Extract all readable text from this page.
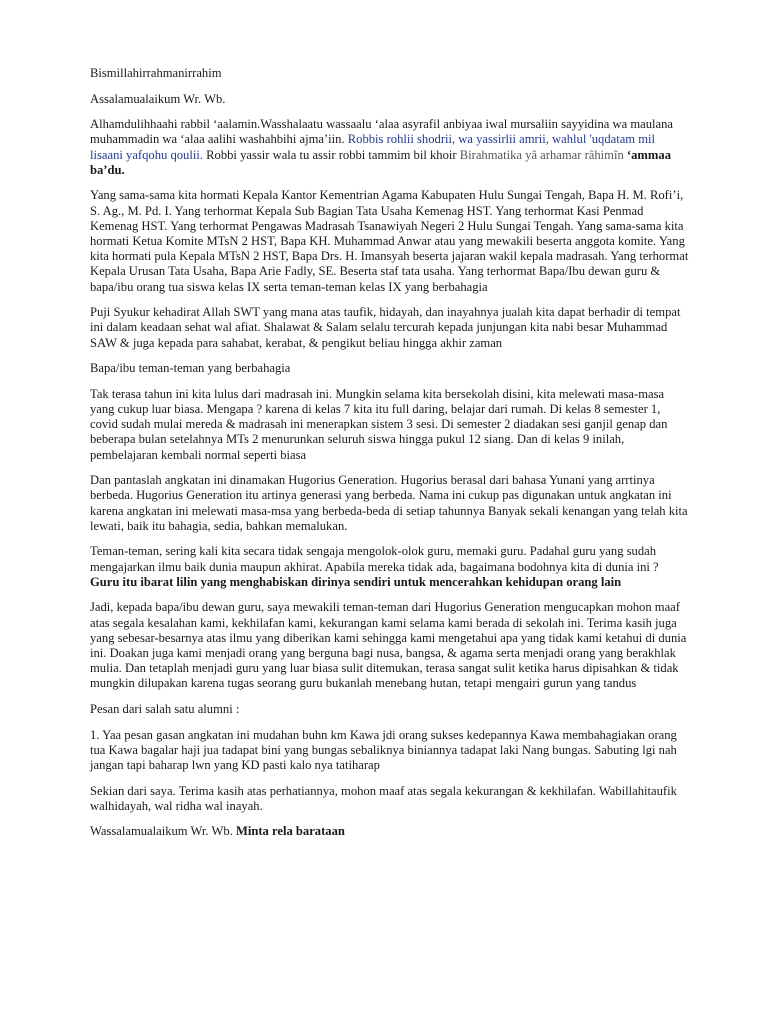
Bismillahirrahmanirrahim

Assalamualaikum Wr. Wb.

Alhamdulihhaahi rabbil ‘aalamin.Wasshalaatu wassaalu ‘alaa asyrafil anbiyaa iwal mursaliin sayyidina wa maulana muhammadin wa ‘alaa aalihi washahbihi ajma’iin. Robbis rohlii shodrii, wa yassirlii amrii, wahlul 'uqdatam mil lisaani yafqohu qoulii. Robbi yassir wala tu assir robbi tammim bil khoir Birahmatika yâ arhamar râhimîn ‘ammaa ba’du.

Yang sama-sama kita hormati Kepala Kantor Kementrian Agama Kabupaten Hulu Sungai Tengah, Bapa H. M. Rofi’i, S. Ag., M. Pd. I. Yang terhormat Kepala Sub Bagian Tata Usaha Kemenag HST. Yang terhormat Kasi Penmad Kemenag HST. Yang terhormat Pengawas Madrasah Tsanawiyah Negeri 2 Hulu Sungai Tengah. Yang sama-sama kita hormati Ketua Komite MTsN 2 HST, Bapa KH. Muhammad Anwar atau yang mewakili beserta anggota komite. Yang kita hormati pula Kepala MTsN 2 HST, Bapa Drs. H. Imansyah beserta jajaran wakil kepala madrasah. Yang terhormat Kepala Urusan Tata Usaha, Bapa Arie Fadly, SE. Beserta staf tata usaha. Yang terhormat Bapa/Ibu dewan guru & bapa/ibu orang tua siswa kelas IX serta teman-teman kelas IX yang berbahagia

Puji Syukur kehadirat Allah SWT yang mana atas taufik, hidayah, dan inayahnya jualah kita dapat berhadir di tempat ini dalam keadaan sehat wal afiat. Shalawat & Salam selalu tercurah kepada junjungan kita nabi besar Muhammad SAW & juga kepada para sahabat, kerabat, & pengikut beliau hingga akhir zaman

Bapa/ibu teman-teman yang berbahagia

Tak terasa tahun ini kita lulus dari madrasah ini. Mungkin selama kita bersekolah disini, kita melewati masa-masa yang cukup luar biasa. Mengapa ? karena di kelas 7 kita itu full daring, belajar dari rumah. Di kelas 8 semester 1, covid sudah mulai mereda & madrasah ini menerapkan sistem 3 sesi. Di semester 2 diadakan sesi ganjil genap dan beberapa bulan setelahnya MTs 2 menurunkan seluruh siswa hingga pukul 12 siang. Dan di kelas 9 inilah, pembelajaran kembali normal seperti biasa

Dan pantaslah angkatan ini dinamakan Hugorius Generation. Hugorius berasal dari bahasa Yunani yang arrtinya berbeda. Hugorius Generation itu artinya generasi yang berbeda. Nama ini cukup pas digunakan untuk angkatan ini karena angkatan ini melewati masa-msa yang berbeda-beda di setiap tahunnya Banyak sekali kenangan yang telah kita lewati, baik itu bahagia, sedia, bahkan memalukan.

Teman-teman, sering kali kita secara tidak sengaja mengolok-olok guru, memaki guru. Padahal guru yang sudah mengajarkan ilmu baik dunia maupun akhirat. Apabila mereka tidak ada, bagaimana bodohnya kita di dunia ini ? Guru itu ibarat lilin yang menghabiskan dirinya sendiri untuk mencerahkan kehidupan orang lain

Jadi, kepada bapa/ibu dewan guru, saya mewakili teman-teman dari Hugorius Generation mengucapkan mohon maaf atas segala kesalahan kami, kekhilafan kami, kekurangan kami selama kami berada di sekolah ini. Terima kasih juga yang sebesar-besarnya atas ilmu yang diberikan kami sehingga kami mengetahui apa yang tidak kami ketahui di dunia ini. Doakan juga kami menjadi orang yang berguna bagi nusa, bangsa, & agama serta menjadi orang yang berakhlak mulia. Dan tetaplah menjadi guru yang luar biasa sulit ditemukan, terasa sangat sulit ketika harus dipisahkan & tidak mungkin dilupakan karena tugas seorang guru bukanlah menebang hutan, tetapi mengairi gurun yang tandus

Pesan dari salah satu alumni :

1. Yaa pesan gasan angkatan ini mudahan buhn km Kawa jdi orang sukses kedepannya Kawa membahagiakan orang tua Kawa bagalar haji jua tadapat bini yang bungas sebaliknya biniannya tadapat laki Nang bungas. Sabuting lgi nah jangan tapi baharap lwn yang KD pasti kalo nya tatiharap

Sekian dari saya. Terima kasih atas perhatiannya, mohon maaf atas segala kekurangan & kekhilafan. Wabillahitaufik walhidayah, wal ridha wal inayah.

Wassalamualaikum Wr. Wb. Minta rela barataan
